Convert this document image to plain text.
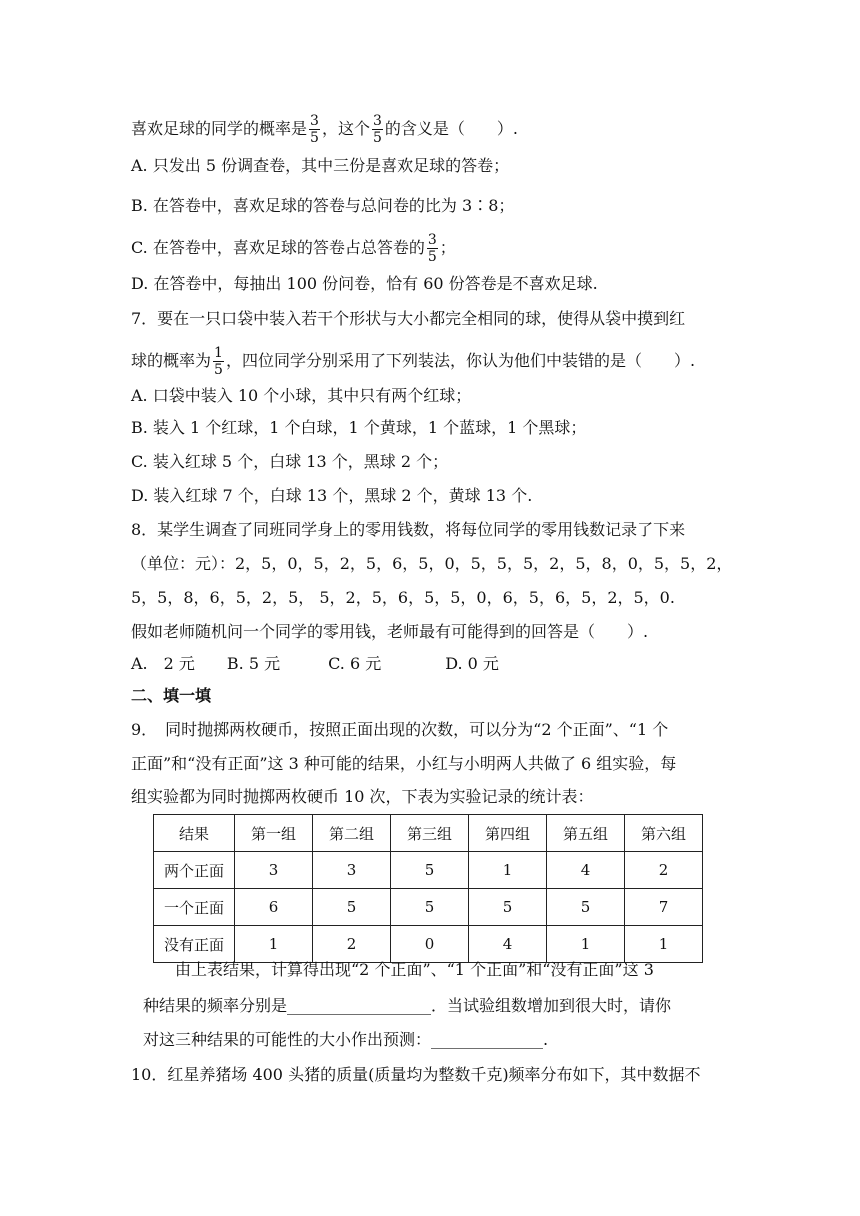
喜欢足球的同学的概率是 $\frac{3}{5}$ ，这个 $\frac{3}{5}$ 的含义是（　　）.
A. 只发出 5 份调查卷，其中三份是喜欢足球的答卷；
B. 在答卷中，喜欢足球的答卷与总问卷的比为 3∶8；
C. 在答卷中，喜欢足球的答卷占总答卷的 $\frac{3}{5}$ ；
D. 在答卷中，每抽出 100 份问卷，恰有 60 份答卷是不喜欢足球.
7．要在一只口袋中装入若干个形状与大小都完全相同的球，使得从袋中摸到红
球的概率为 $\frac{1}{5}$ ，四位同学分别采用了下列装法，你认为他们中装错的是（　　）.
A. 口袋中装入 10 个小球，其中只有两个红球；
B. 装入 1 个红球，1 个白球，1 个黄球，1 个蓝球，1 个黑球；
C. 装入红球 5 个，白球 13 个，黑球 2 个；
D. 装入红球 7 个，白球 13 个，黑球 2 个，黄球 13 个.
8．某学生调查了同班同学身上的零用钱数，将每位同学的零用钱数记录了下来
（单位：元）：2，5，0，5，2，5，6，5，0，5，5，5，2，5，8，0，5，5，2，
5，5，8，6，5，2，5， 5，2，5，6，5，5，0，6，5，6，5，2，5，0.
假如老师随机问一个同学的零用钱，老师最有可能得到的回答是（　　）.
A.　2 元　　B. 5 元　　　C. 6 元　　　　D. 0 元
二、填一填
9．　同时抛掷两枚硬币，按照正面出现的次数，可以分为“2 个正面”、“1 个
正面”和“没有正面”这 3 种可能的结果，小红与小明两人共做了 6 组实验，每
组实验都为同时抛掷两枚硬币 10 次，下表为实验记录的统计表：
结果	第一组	第二组	第三组	第四组	第五组	第六组
两个正面	3	3	5	1	4	2
一个正面	6	5	5	5	5	7
没有正面	1	2	0	4	1	1
由上表结果，计算得出现“2 个正面”、“1 个正面”和“没有正面”这 3
种结果的频率分别是__________________．当试验组数增加到很大时，请你
对这三种结果的可能性的大小作出预测：______________.
10．红星养猪场 400 头猪的质量(质量均为整数千克)频率分布如下，其中数据不
